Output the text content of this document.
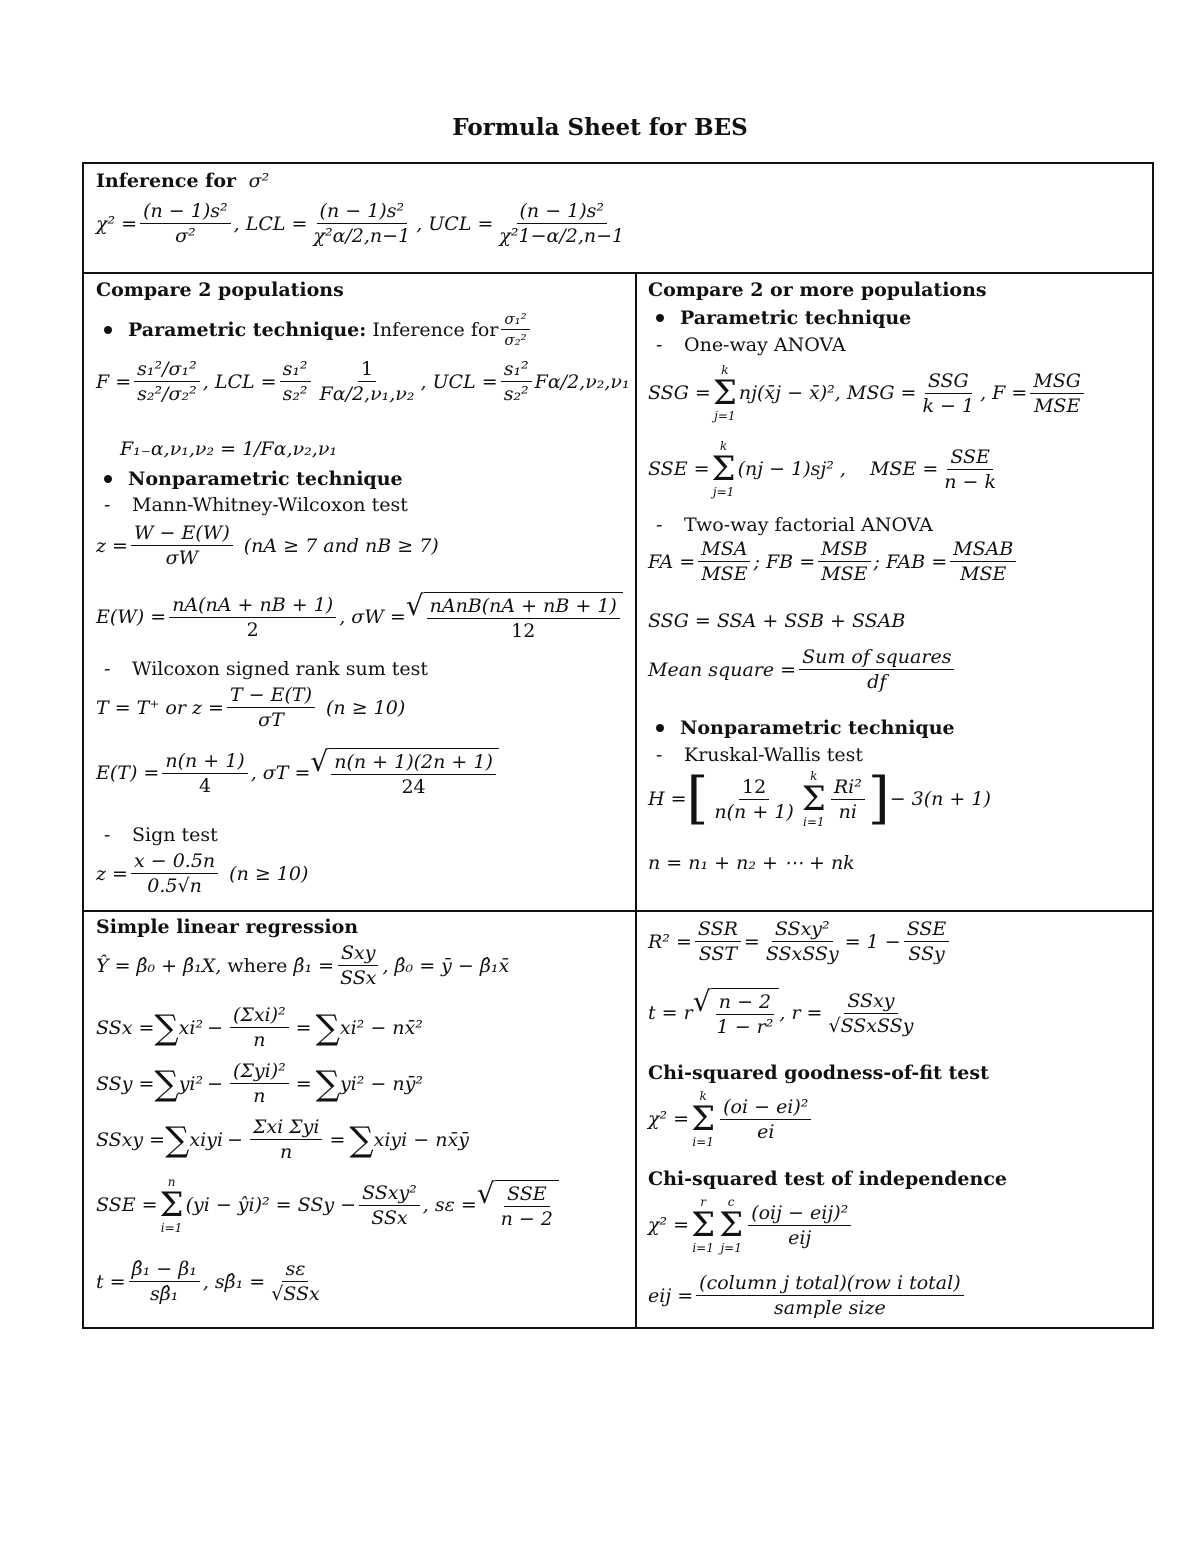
Formula Sheet for BES
Inference for σ²
$\chi^2 = \frac{\text{(n − 1)s²}}{\text{σ²}}$ , LCL = $\frac{\text{(n − 1)s²}}{\text{χ²α/2,n−1}}$ , UCL = $\frac{\text{(n − 1)s²}}{\text{χ²1−α/2,n−1}}$
Compare 2 populations
Parametric technique:
Inference for $\frac{\text{σ₁²}}{\text{σ₂²}}$
$F = \frac{\text{s₁²/σ₁²}}{\text{s₂²/σ₂²}}$ , LCL = $\frac{\text{s₁²}}{\text{s₂²}} \frac{1}{\text{Fα/2,ν₁,ν₂}}$ , UCL = $\frac{\text{s₁²}}{\text{s₂²}} F\alpha/2,\nu_2,\nu_1$
F₁₋α,ν₁,ν₂ = 1/Fα,ν₂,ν₁
Nonparametric technique
- Mann-Whitney-Wilcoxon test
$z = \frac{W - E(W)}{\sigma W} (nA \ge 7$ and nB ≥ 7)
$E(W) = \frac{nA(nA + nB + 1)}{2}$ , σW = √ $\frac{\text{nAnB(nA + nB + 1)}}{12}$
- Wilcoxon signed rank sum test
T = T⁺ or $z = \frac{T - E(T)}{\sigma T} (n \ge 10)$
$E(T) = \frac{n(n + 1)}{4}$ , σT = √ $\frac{n(n + 1)(2n + 1)}{24}$
- Sign test
$z = \frac{x - 0.5n}{0.5√n} (n \ge 10)$
Compare 2 or more populations
Parametric technique
- One-way ANOVA
SSG =
k
Σ
j=1
nj(x̄j − x̄)² , MSG = $\frac{\text{SSG}}{k - 1}$ , $F = \frac{\text{MSG}}{\text{MSE}}$
SSE =
k
Σ
j=1
(nj − 1)sj² , MSE = $\frac{\text{SSE}}{n - k}$
- Two-way factorial ANOVA
FA = $\frac{\text{MSA}}{\text{MSE}}$ ; FB = $\frac{\text{MSB}}{\text{MSE}}$ ; FAB = $\frac{\text{MSAB}}{\text{MSE}}$
SSG = SSA + SSB + SSAB
Mean square = $\frac{\text{Sum of squares}}{df}$
Nonparametric technique
- Kruskal-Wallis test
H = [ $\frac{12}{n(n + 1)}$ k
Σ
$i=1 \frac{\text{Ri²}}{ni}$ ] − 3(n + 1)
n = n₁ + n₂ + ⋯ + nk
Simple linear regression
Ŷ = β̂₀ + β̂₁X,
where
β̂₁ = $\frac{\text{Sxy}}{\text{SSx}}$ , β̂₀ = ȳ − β̂₁x̄
SSx = ∑ $xi^2 - \frac{\text{(Σxi)²}}{n}$ = ∑ xi² − nx̄²
SSy = ∑ $yi^2 - \frac{\text{(Σyi)²}}{n}$ = ∑ yi² − nȳ²
SSxy = ∑ xiyi − $\frac{\text{Σxi Σyi}}{n}$ = ∑ xiyi − nx̄ȳ
SSE =
n
Σ
i=1
(yi − ŷi)² = SSy − $\frac{\text{SSxy²}}{\text{SSx}}$ , sε = √ $\frac{\text{SSE}}{n - 2}$
$t = \frac{\text{β̂₁ − β₁}}{\text{sβ̂₁}}$ , sβ̂₁ = $\frac{s\varepsilon}{\text{√SSx}}$
$R^2 = \frac{\text{SSR}}{\text{SST}} = \frac{\text{SSxy²}}{\text{SSxSSy}} = 1 - \frac{\text{SSE}}{\text{SSy}}$
t = r √ $\frac{n - 2}{\text{1 − r²}}$ , $r = \frac{\text{SSxy}}{\text{√SSxSSy}}$
Chi-squared goodness-of-fit test
χ² =
k
Σ
$i=1 \frac{\text{(oi − ei)²}}{ei}$
Chi-squared test of independence
χ² =
r
Σ
i=1
c
Σ
$j=1 \frac{\text{(oij − eij)²}}{\text{eij}}$
eij = $\frac{\text{(column j total)(row i total)}}{\text{sample size}}$
